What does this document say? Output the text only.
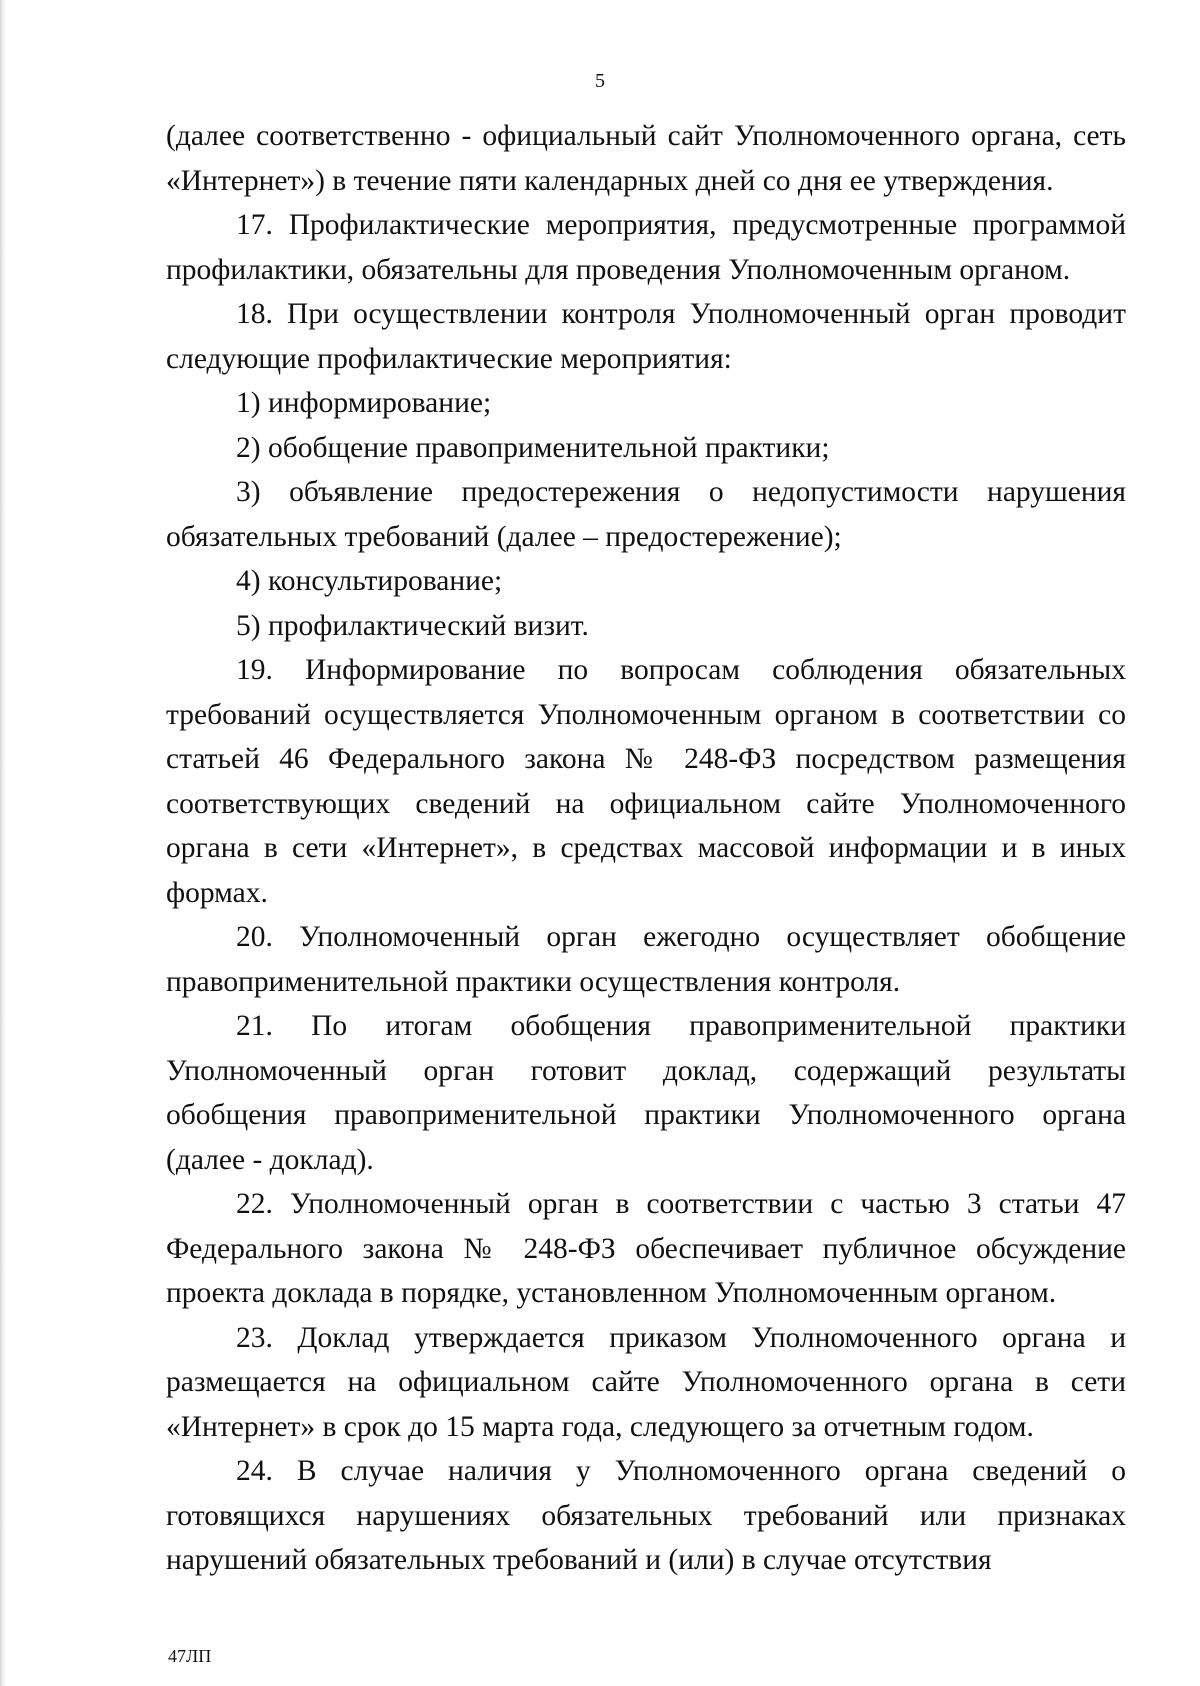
5

(далее соответственно - официальный сайт Уполномоченного органа, сеть «Интернет») в течение пяти календарных дней со дня ее утверждения.

17. Профилактические мероприятия, предусмотренные программой профилактики, обязательны для проведения Уполномоченным органом.

18. При осуществлении контроля Уполномоченный орган проводит следующие профилактические мероприятия:

1) информирование;

2) обобщение правоприменительной практики;

3) объявление предостережения о недопустимости нарушения обязательных требований (далее – предостережение);

4) консультирование;

5) профилактический визит.

19. Информирование по вопросам соблюдения обязательных требований осуществляется Уполномоченным органом в соответствии со статьей 46 Федерального закона № 248-ФЗ посредством размещения соответствующих сведений на официальном сайте Уполномоченного органа в сети «Интернет», в средствах массовой информации и в иных формах.

20. Уполномоченный орган ежегодно осуществляет обобщение правоприменительной практики осуществления контроля.

21. По итогам обобщения правоприменительной практики Уполномоченный орган готовит доклад, содержащий результаты обобщения правоприменительной практики Уполномоченного органа (далее - доклад).

22. Уполномоченный орган в соответствии с частью 3 статьи 47 Федерального закона № 248-ФЗ обеспечивает публичное обсуждение проекта доклада в порядке, установленном Уполномоченным органом.

23. Доклад утверждается приказом Уполномоченного органа и размещается на официальном сайте Уполномоченного органа в сети «Интернет» в срок до 15 марта года, следующего за отчетным годом.

24. В случае наличия у Уполномоченного органа сведений о готовящихся нарушениях обязательных требований или признаках нарушений обязательных требований и (или) в случае отсутствия

47ЛП
